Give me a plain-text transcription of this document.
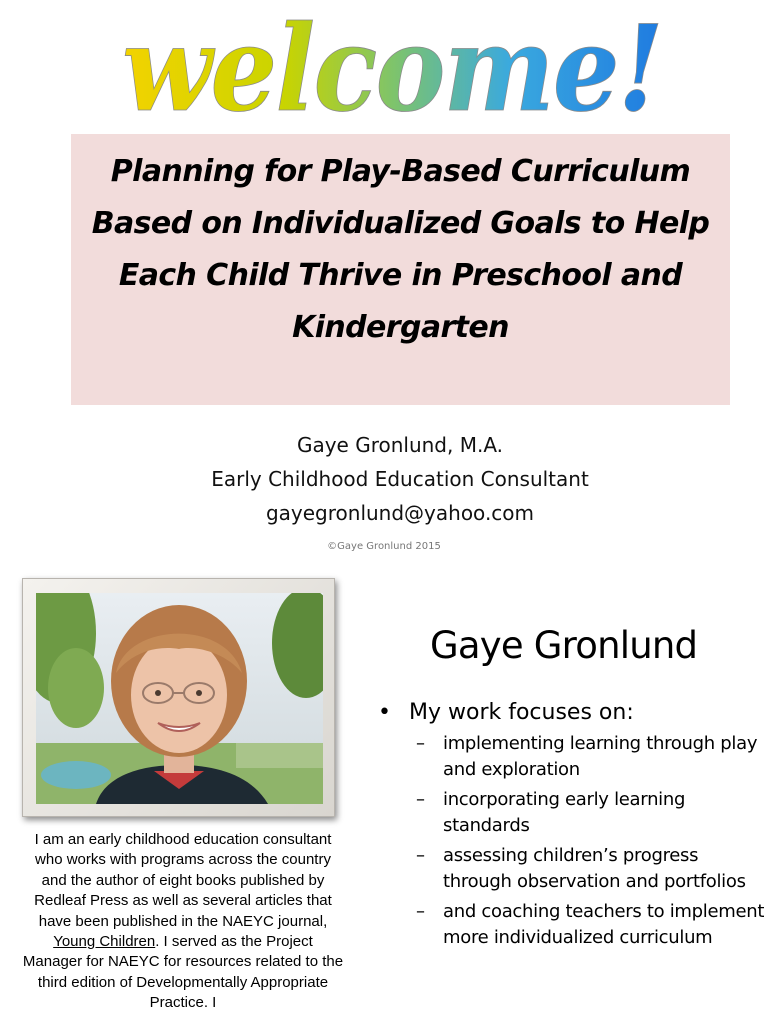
welcome!
Planning for Play-Based Curriculum Based on Individualized Goals to Help Each Child Thrive in Preschool and Kindergarten
Gaye Gronlund, M.A.
Early Childhood Education Consultant
gayegronlund@yahoo.com
©Gaye Gronlund 2015
I am an early childhood education consultant who works with programs across the country and the author of eight books published by Redleaf Press as well as several articles that have been published in the NAEYC journal, Young Children. I served as the Project Manager for NAEYC for resources related to the third edition of Developmentally Appropriate Practice. I
Gaye Gronlund
• My work focuses on:
–	implementing learning through play and exploration
–	incorporating early learning standards
–	assessing children’s progress through observation and portfolios
–	and coaching teachers to implement more individualized curriculum
